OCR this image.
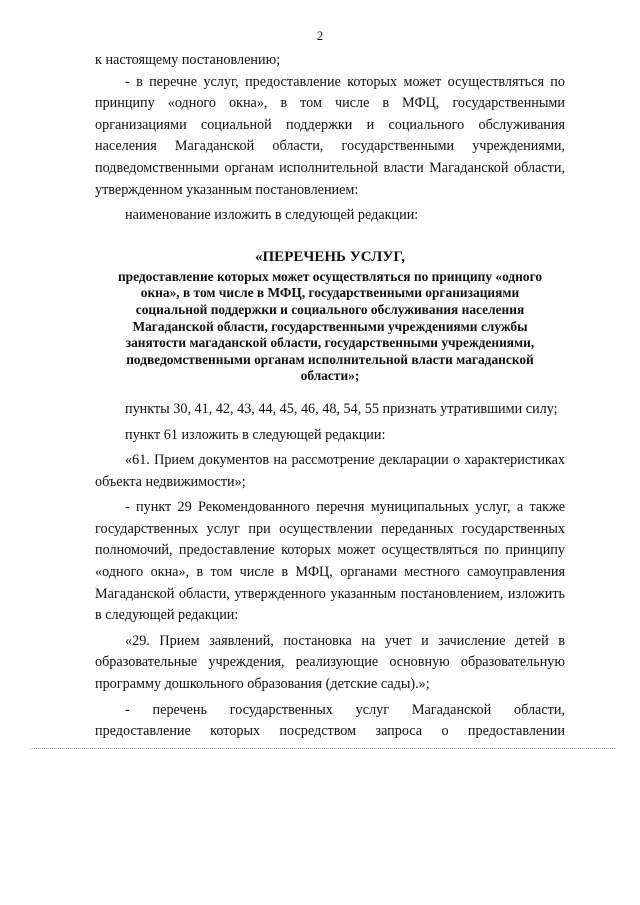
2

к настоящему постановлению;

- в перечне услуг, предоставление которых может осуществляться по принципу «одного окна», в том числе в МФЦ, государственными организациями социальной поддержки и социального обслуживания населения Магаданской области, государственными учреждениями, подведомственными органам исполнительной власти Магаданской области, утвержденном указанным постановлением:

наименование изложить в следующей редакции:

«ПЕРЕЧЕНЬ УСЛУГ,
предоставление которых может осуществляться по принципу «одного
окна», в том числе в МФЦ, государственными организациями
социальной поддержки и социального обслуживания населения
Магаданской области, государственными учреждениями службы
занятости магаданской области, государственными учреждениями,
подведомственными органам исполнительной власти магаданской
области»;

пункты 30, 41, 42, 43, 44, 45, 46, 48, 54, 55 признать утратившими силу;

пункт 61 изложить в следующей редакции:

«61. Прием документов на рассмотрение декларации о характеристиках объекта недвижимости»;

- пункт 29 Рекомендованного перечня муниципальных услуг, а также государственных услуг при осуществлении переданных государственных полномочий, предоставление которых может осуществляться по принципу «одного окна», в том числе в МФЦ, органами местного самоуправления Магаданской области, утвержденного указанным постановлением, изложить в следующей редакции:

«29. Прием заявлений, постановка на учет и зачисление детей в образовательные учреждения, реализующие основную образовательную программу дошкольного образования (детские сады).»;

- перечень государственных услуг Магаданской области, предоставление которых посредством запроса о предоставлении
